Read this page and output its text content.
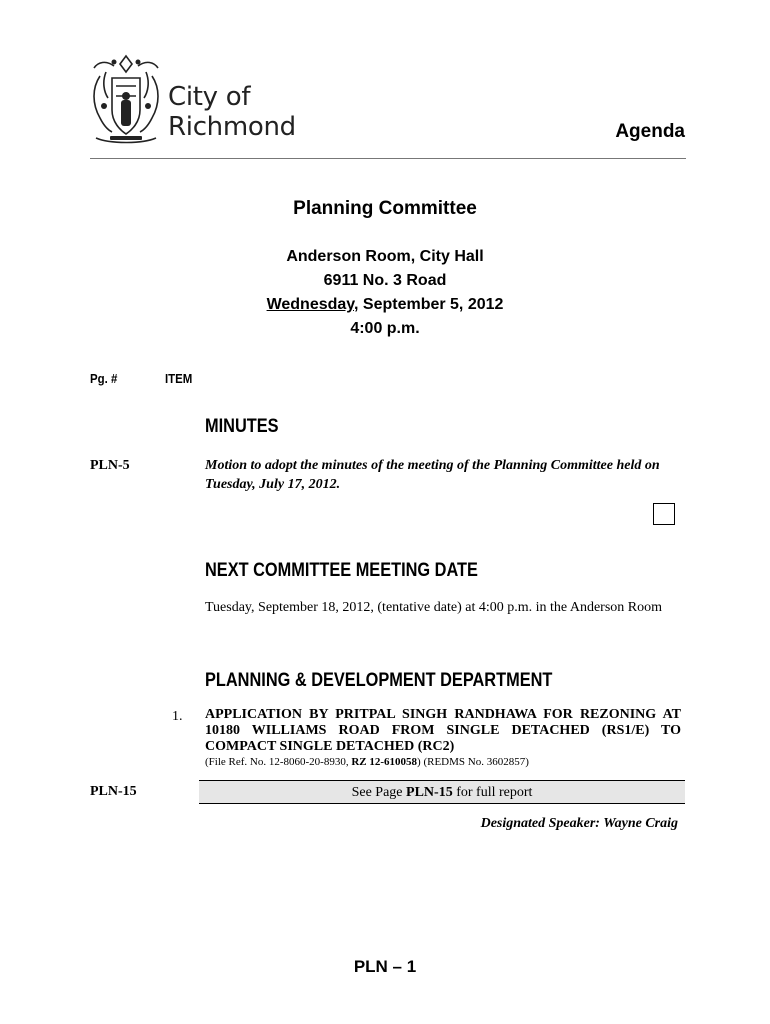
City of
Richmond	Agenda
Planning Committee
Anderson Room, City Hall
6911 No. 3 Road
Wednesday, September 5, 2012
4:00 p.m.
Pg. #	ITEM
MINUTES
PLN-5	Motion to adopt the minutes of the meeting of the Planning Committee held on Tuesday, July 17, 2012.
NEXT COMMITTEE MEETING DATE
Tuesday, September 18, 2012, (tentative date) at 4:00 p.m. in the Anderson Room
PLANNING & DEVELOPMENT DEPARTMENT
1. APPLICATION BY PRITPAL SINGH RANDHAWA FOR REZONING AT 10180 WILLIAMS ROAD FROM SINGLE DETACHED (RS1/E) TO COMPACT SINGLE DETACHED (RC2)
(File Ref. No. 12-8060-20-8930, RZ 12-610058) (REDMS No. 3602857)
PLN-15	See Page PLN-15 for full report
Designated Speaker: Wayne Craig
PLN – 1
